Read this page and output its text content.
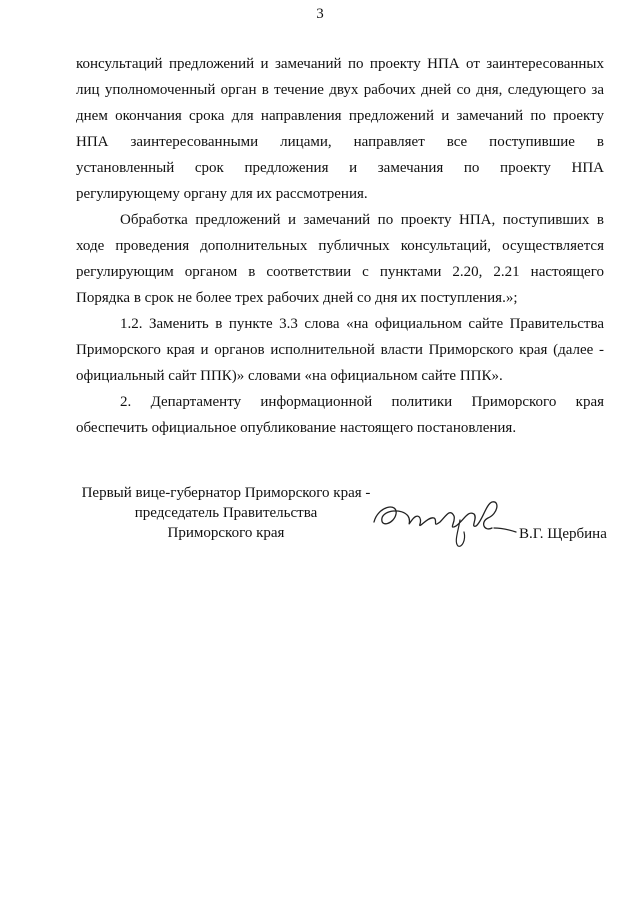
3
консультаций предложений и замечаний по проекту НПА от заинтересованных
лиц уполномоченный орган в течение двух рабочих дней со дня, следующего за
днем окончания срока для направления предложений и замечаний по проекту
НПА заинтересованными лицами, направляет все поступившие в
установленный срок предложения и замечания по проекту НПА
регулирующему органу для их рассмотрения.
Обработка предложений и замечаний по проекту НПА, поступивших в
ходе проведения дополнительных публичных консультаций, осуществляется
регулирующим органом в соответствии с пунктами 2.20, 2.21 настоящего
Порядка в срок не более трех рабочих дней со дня их поступления.»;
1.2. Заменить в пункте 3.3 слова «на официальном сайте Правительства
Приморского края и органов исполнительной власти Приморского края (далее -
официальный сайт ППК)» словами «на официальном сайте ППК».
2. Департаменту информационной политики Приморского края
обеспечить официальное опубликование настоящего постановления.
Первый вице-губернатор Приморского края -
председатель Правительства
Приморского края	В.Г. Щербина
